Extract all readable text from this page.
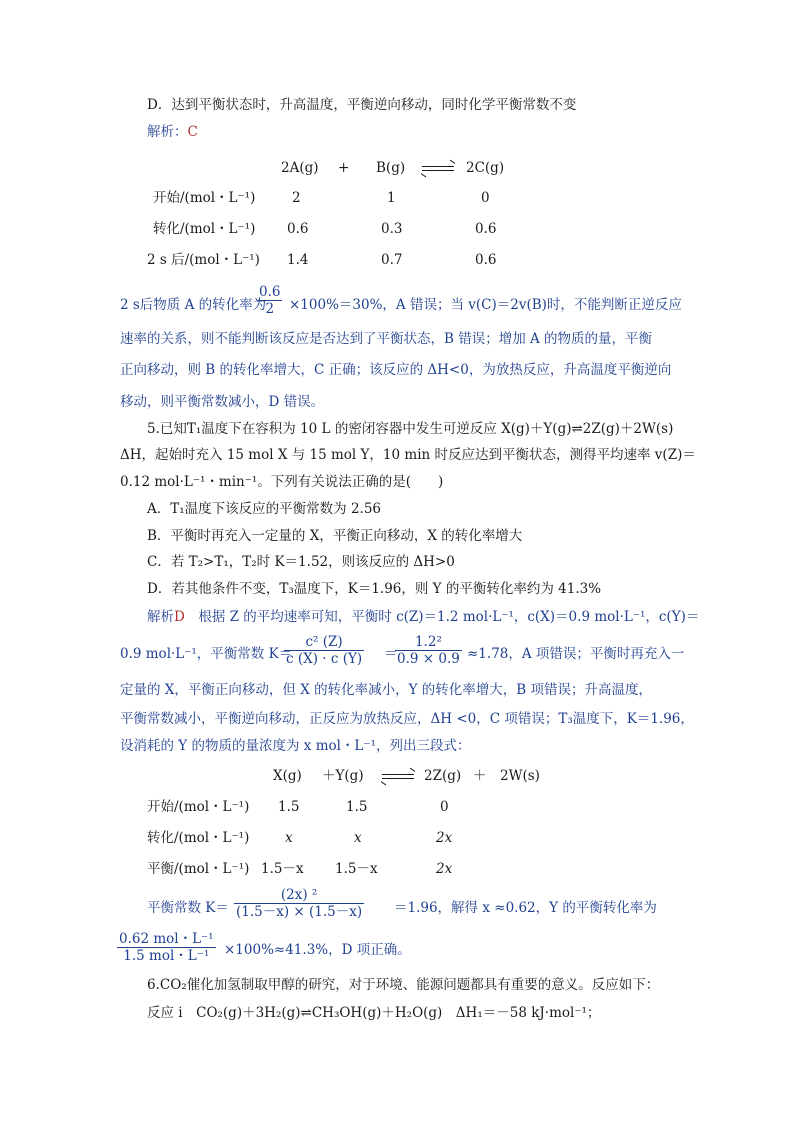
D．达到平衡状态时，升高温度，平衡逆向移动，同时化学平衡常数不变
解析：C
2A(g) + B(g)	2C(g)
开始/(mol・L⁻¹)	2	1	0
转化/(mol・L⁻¹) 0.6	0.3	0.6
2 s 后/(mol・L⁻¹) 1.4	0.7	0.6
2 s后物质 A 的转化率为
$\frac{0.6}{2} \times 100\%=30\%$，A 错误；当 v(C)＝2v(B)时，不能判断正逆反应
速率的关系，则不能判断该反应是否达到了平衡状态，B 错误；增加 A 的物质的量，平衡
正向移动，则 B 的转化率增大，C 正确；该反应的 ΔH<0，为放热反应，升高温度平衡逆向
移动，则平衡常数减小，D 错误。
5.已知T₁温度下在容积为 10 L 的密闭容器中发生可逆反应 X(g)＋Y(g)⇌2Z(g)＋2W(s)
ΔH，起始时充入 15 mol X 与 15 mol Y，10 min 时反应达到平衡状态，测得平均速率 v(Z)＝
0.12 mol·L⁻¹・min⁻¹。下列有关说法正确的是(　　)
A．T₁温度下该反应的平衡常数为 2.56
B．平衡时再充入一定量的 X，平衡正向移动，X 的转化率增大
C．若 T₂>T₁，T₂时 K＝1.52，则该反应的 ΔH>0
D．若其他条件不变，T₃温度下，K＝1.96，则 Y 的平衡转化率约为 41.3%
解析D　根据 Z 的平均速率可知，平衡时 c(Z)＝1.2 mol·L⁻¹，c(X)＝0.9 mol·L⁻¹，c(Y)＝
0.9 mol·L⁻¹，平衡常数 K＝
$\frac{\text{c² (Z)}}{c (X) \cdot c (Y)}$ ＝
$\frac{\text{1.2²}}{0.9 \times 0.9} \approx 1.78$，A 项错误；平衡时再充入一
定量的 X，平衡正向移动，但 X 的转化率减小，Y 的转化率增大，B 项错误；升高温度，
平衡常数减小，平衡逆向移动，正反应为放热反应，ΔH <0，C 项错误；T₃温度下，K＝1.96，
设消耗的 Y 的物质的量浓度为 x mol・L⁻¹，列出三段式：
X(g) ＋Y(g)	2Z(g) ＋ 2W(s)
开始/(mol・L⁻¹) 1.5	1.5	0
转化/(mol・L⁻¹)	x	x	2x
平衡/(mol・L⁻¹) 1.5－x 1.5－x	2x
平衡常数 $K= \frac{\text{(2x) ²}}{(1.5-x) \times (1.5-x)} =1.96$，解得 x ≈0.62，Y 的平衡转化率为
0.62 mol・L⁻¹
1.5 mol・L⁻¹	×100%≈41.3%，D 项正确。
6.CO₂催化加氢制取甲醇的研究，对于环境、能源问题都具有重要的意义。反应如下：
反应 ⅰ　CO₂(g)＋3H₂(g)⇌CH₃OH(g)＋H₂O(g)　ΔH₁＝－58 kJ·mol⁻¹；
